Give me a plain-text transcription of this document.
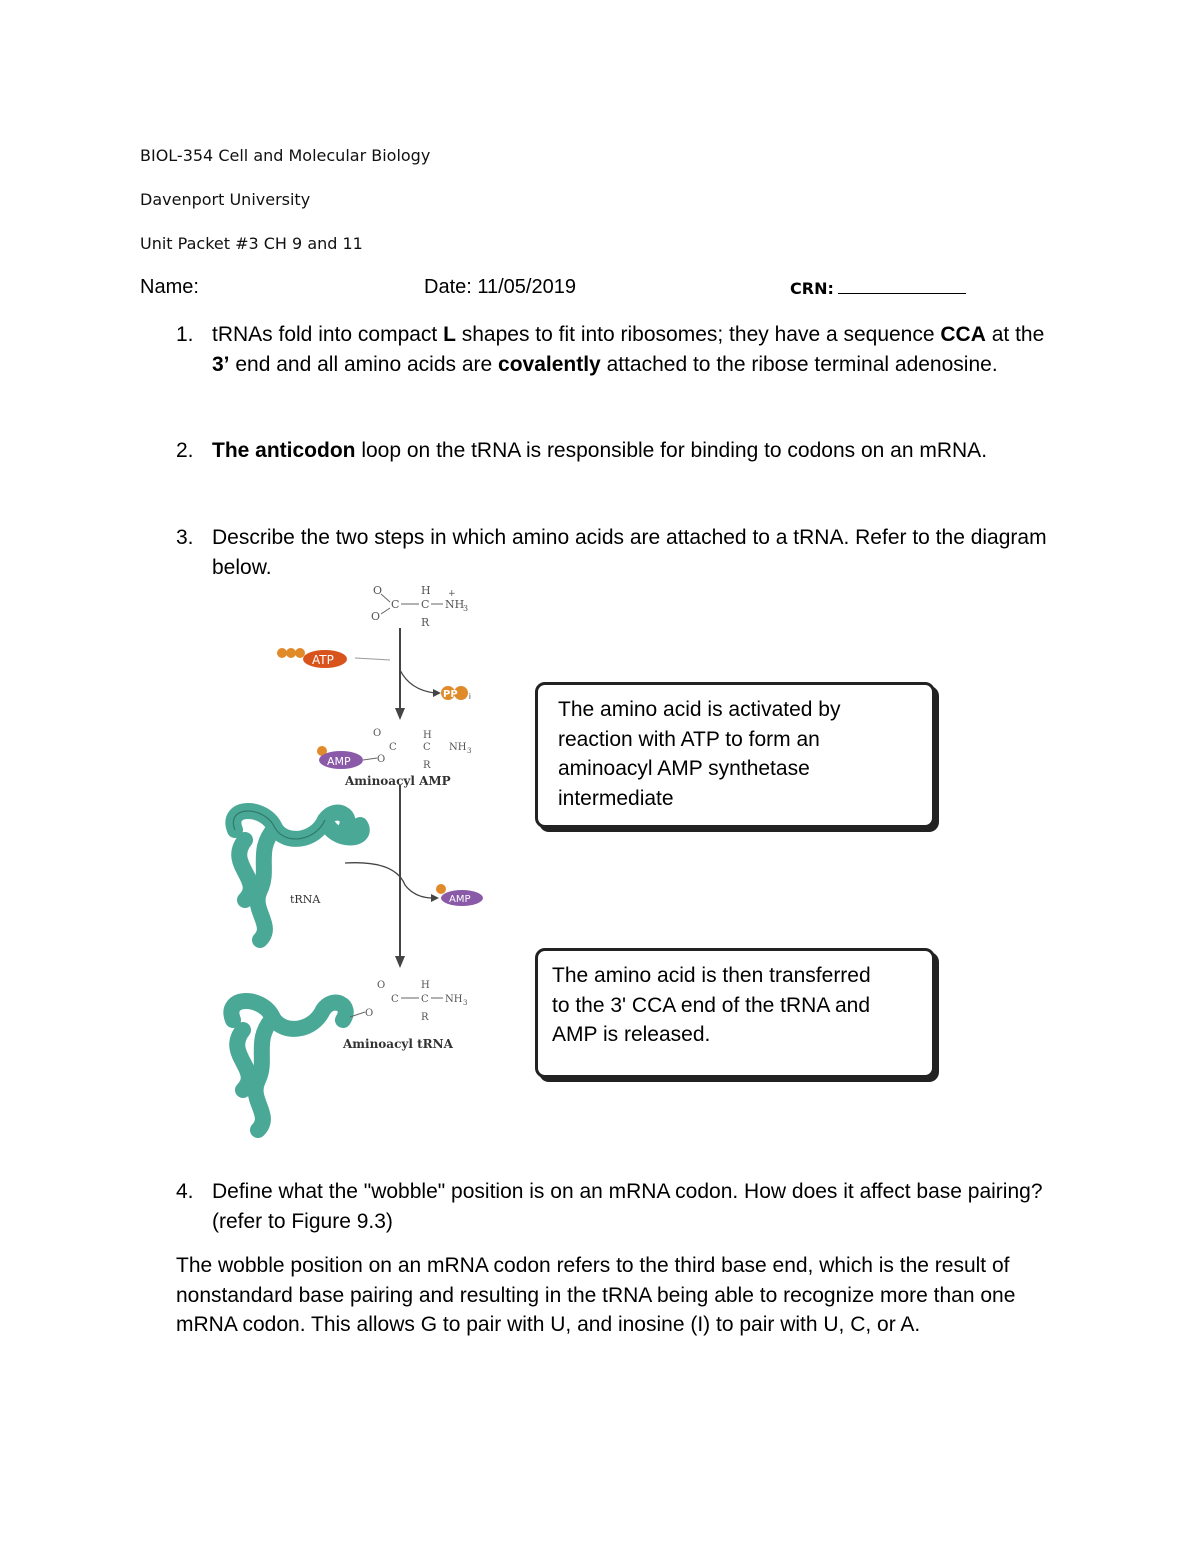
BIOL-354 Cell and Molecular Biology
Davenport University
Unit Packet #3 CH 9 and 11
Name:	Date: 11/05/2019	CRN:
1. tRNAs fold into compact L shapes to fit into ribosomes; they have a sequence CCA at the 3’ end and all amino acids are covalently attached to the ribose terminal adenosine.
2. The anticodon loop on the tRNA is responsible for binding to codons on an mRNA.
3. Describe the two steps in which amino acids are attached to a tRNA. Refer to the diagram below.
O
O
C
H
C
R
NH
3
+
ATP
PP i
AMP
O
O
C
H
C
R
NH 3
Aminoacyl AMP
tRNA	AMP
O
O
C
H
C
R
NH 3
Aminoacyl tRNA
The amino acid is activated by
reaction with ATP to form an
aminoacyl AMP synthetase
intermediate
The amino acid is then transferred
to the 3' CCA end of the tRNA and
AMP is released.
4. Define what the "wobble" position is on an mRNA codon. How does it affect base pairing? (refer to Figure 9.3)
The wobble position on an mRNA codon refers to the third base end, which is the result of nonstandard base pairing and resulting in the tRNA being able to recognize more than one mRNA codon. This allows G to pair with U, and inosine (I) to pair with U, C, or A.
